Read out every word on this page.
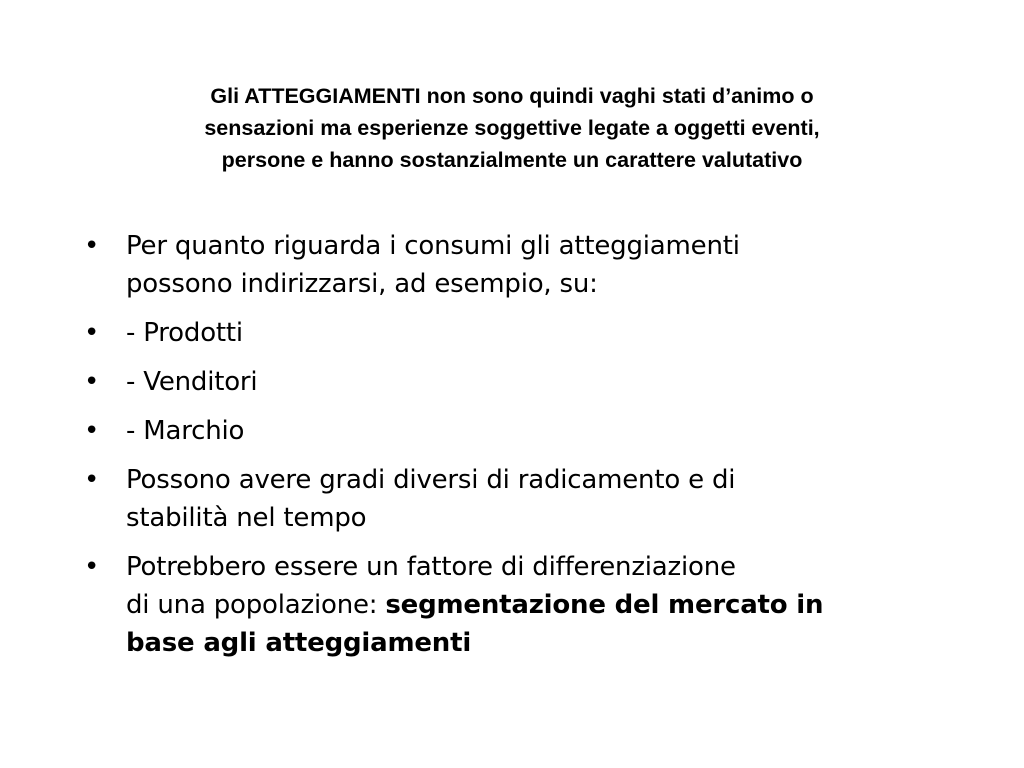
Gli ATTEGGIAMENTI non sono quindi vaghi stati d’animo o
sensazioni ma esperienze soggettive legate a oggetti eventi,
persone e hanno sostanzialmente un carattere valutativo
•	Per quanto riguarda i consumi gli atteggiamenti
possono indirizzarsi, ad esempio, su:
•	- Prodotti
•	- Venditori
•	- Marchio
•	Possono avere gradi diversi di radicamento e di
stabilità nel tempo
•	Potrebbero essere un fattore di differenziazione
di una popolazione: segmentazione del mercato in
base agli atteggiamenti
